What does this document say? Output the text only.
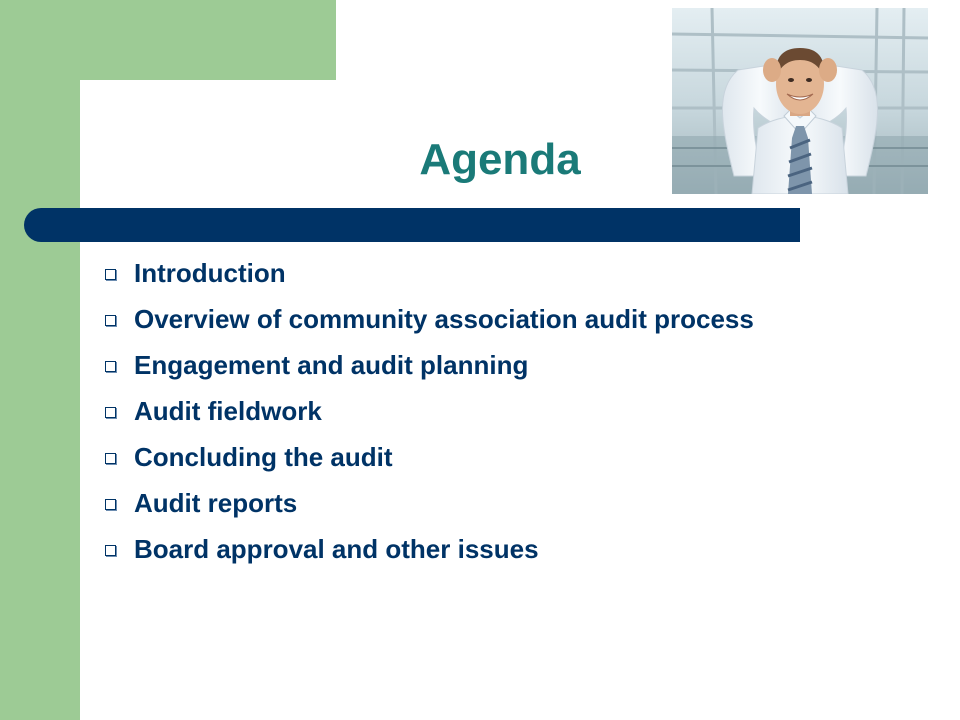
Agenda
Introduction
Overview of community association audit process
Engagement and audit planning
Audit fieldwork
Concluding the audit
Audit reports
Board approval and other issues
